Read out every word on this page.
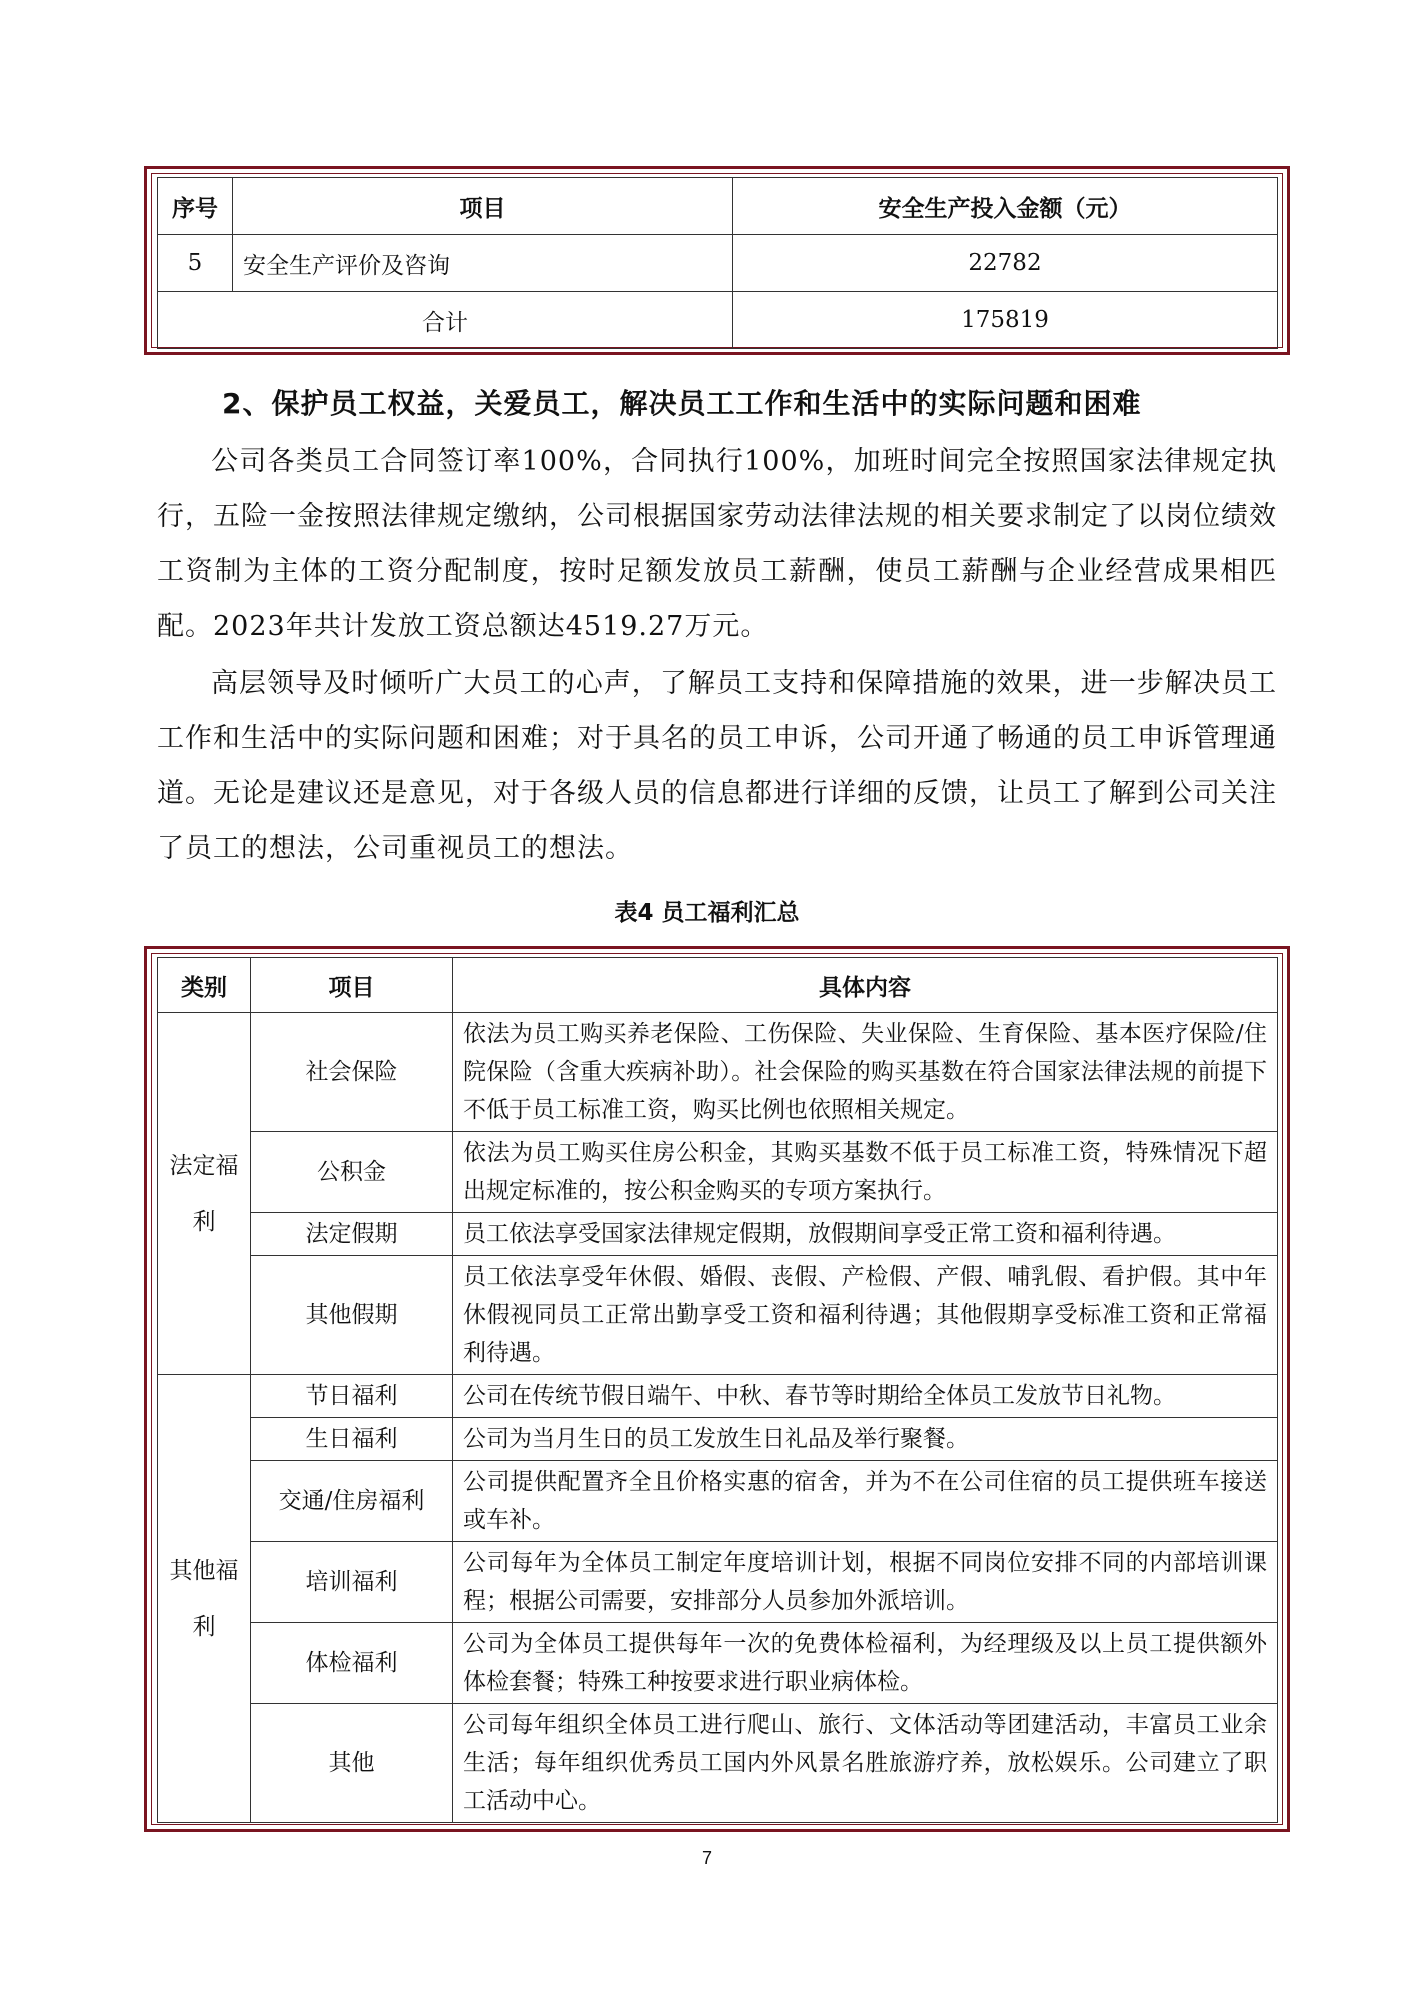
序号	项目	安全生产投入金额（元）
5	安全生产评价及咨询	22782
合计		175819
2、保护员工权益，关爱员工，解决员工工作和生活中的实际问题和困难

公司各类员工合同签订率100%，合同执行100%，加班时间完全按照国家法律规定执行，五险一金按照法律规定缴纳，公司根据国家劳动法律法规的相关要求制定了以岗位绩效工资制为主体的工资分配制度，按时足额发放员工薪酬，使员工薪酬与企业经营成果相匹配。2023年共计发放工资总额达4519.27万元。

高层领导及时倾听广大员工的心声，了解员工支持和保障措施的效果，进一步解决员工工作和生活中的实际问题和困难；对于具名的员工申诉，公司开通了畅通的员工申诉管理通道。无论是建议还是意见，对于各级人员的信息都进行详细的反馈，让员工了解到公司关注了员工的想法，公司重视员工的想法。

表4 员工福利汇总
类别	项目	具体内容
法定福利	社会保险	依法为员工购买养老保险、工伤保险、失业保险、生育保险、基本医疗保险/住院保险（含重大疾病补助）。社会保险的购买基数在符合国家法律法规的前提下不低于员工标准工资，购买比例也依照相关规定。
	公积金	依法为员工购买住房公积金，其购买基数不低于员工标准工资，特殊情况下超出规定标准的，按公积金购买的专项方案执行。
	法定假期	员工依法享受国家法律规定假期，放假期间享受正常工资和福利待遇。
	其他假期	员工依法享受年休假、婚假、丧假、产检假、产假、哺乳假、看护假。其中年休假视同员工正常出勤享受工资和福利待遇；其他假期享受标准工资和正常福利待遇。
其他福利	节日福利	公司在传统节假日端午、中秋、春节等时期给全体员工发放节日礼物。
	生日福利	公司为当月生日的员工发放生日礼品及举行聚餐。
	交通/住房福利	公司提供配置齐全且价格实惠的宿舍，并为不在公司住宿的员工提供班车接送或车补。
	培训福利	公司每年为全体员工制定年度培训计划，根据不同岗位安排不同的内部培训课程；根据公司需要，安排部分人员参加外派培训。
	体检福利	公司为全体员工提供每年一次的免费体检福利，为经理级及以上员工提供额外体检套餐；特殊工种按要求进行职业病体检。
	其他	公司每年组织全体员工进行爬山、旅行、文体活动等团建活动，丰富员工业余生活；每年组织优秀员工国内外风景名胜旅游疗养，放松娱乐。公司建立了职工活动中心。
7
